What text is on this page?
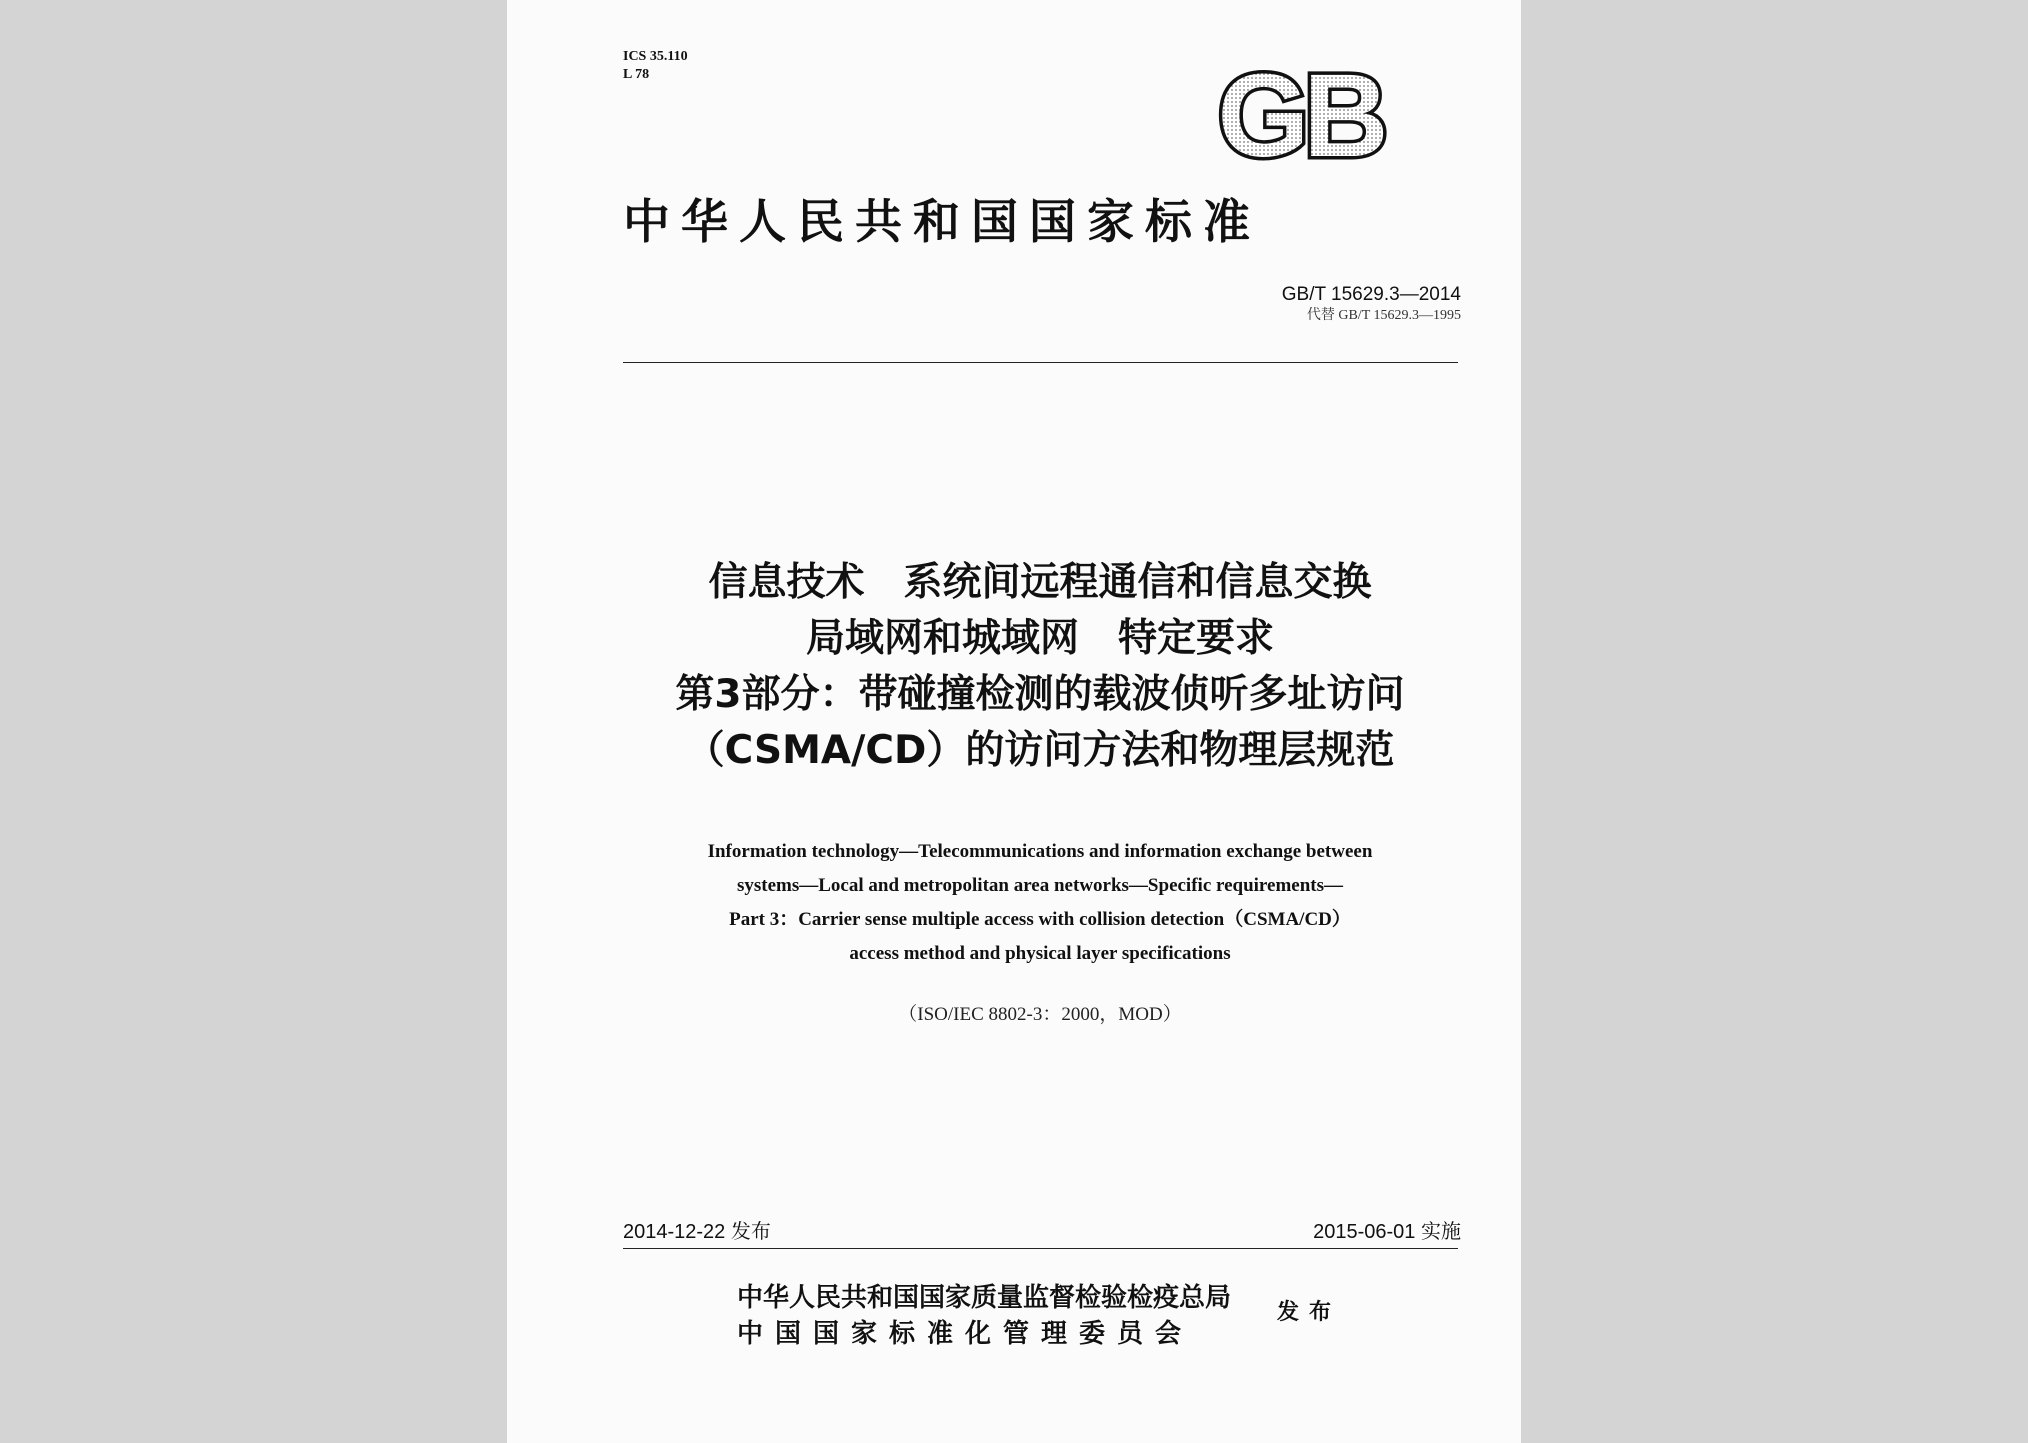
ICS 35.110
L 78	GB
中华人民共和国国家标准
GB/T 15629.3—2014
代替 GB/T 15629.3—1995
信息技术　系统间远程通信和信息交换
局域网和城域网　特定要求
第3部分：带碰撞检测的载波侦听多址访问
（CSMA/CD）的访问方法和物理层规范
Information technology—Telecommunications and information exchange between
systems—Local and metropolitan area networks—Specific requirements—
Part 3：Carrier sense multiple access with collision detection（CSMA/CD）
access method and physical layer specifications
（ISO/IEC 8802-3：2000，MOD）
2014-12-22 发布	2015-06-01 实施
中华人民共和国国家质量监督检验检疫总局
中国国家标准化管理委员会
发布
